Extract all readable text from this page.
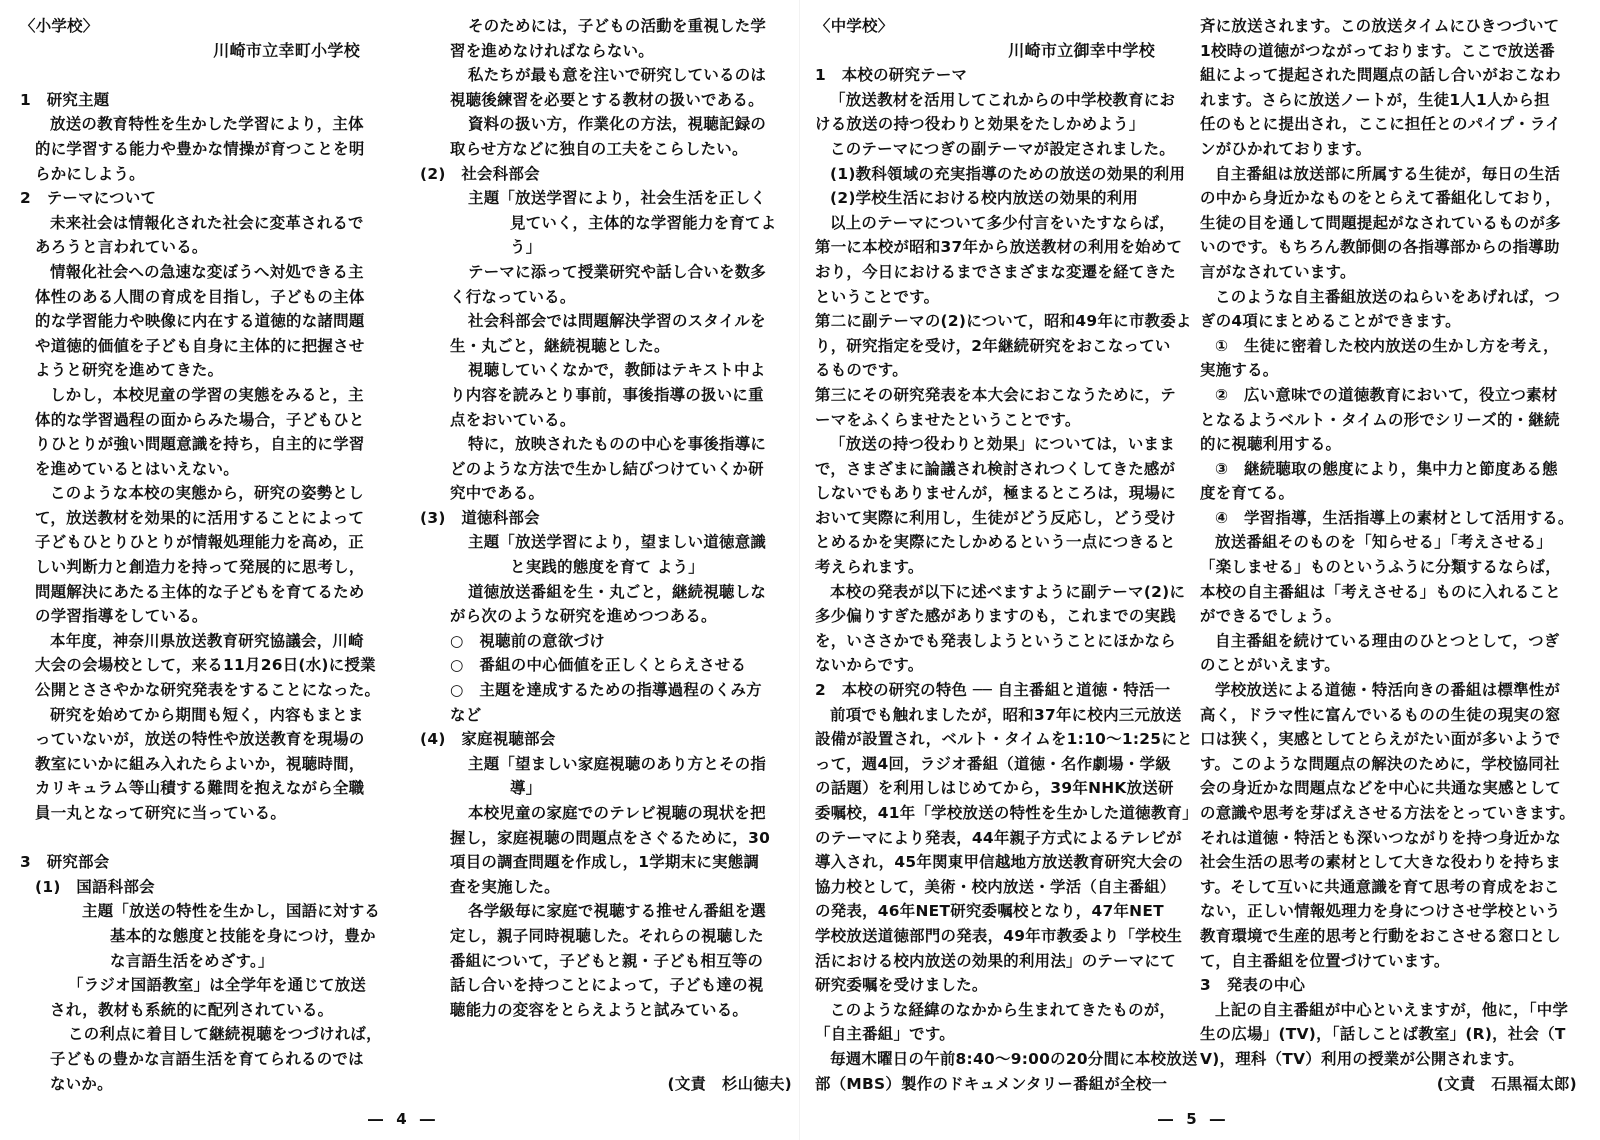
〈小学校〉
川崎市立幸町小学校
1　研究主題
放送の教育特性を生かした学習により，主体
的に学習する能力や豊かな情操が育つことを明
らかにしよう。
2　テーマについて
未来社会は情報化された社会に変革されるで
あろうと言われている。
情報化社会への急速な変ぼうへ対処できる主
体性のある人間の育成を目指し，子どもの主体
的な学習能力や映像に内在する道徳的な諸問題
や道徳的価値を子ども自身に主体的に把握させ
ようと研究を進めてきた。
しかし，本校児童の学習の実態をみると，主
体的な学習過程の面からみた場合，子どもひと
りひとりが強い問題意識を持ち，自主的に学習
を進めているとはいえない。
このような本校の実態から，研究の姿勢とし
て，放送教材を効果的に活用することによって
子どもひとりひとりが情報処理能力を高め，正
しい判断力と創造力を持って発展的に思考し，
問題解決にあたる主体的な子どもを育てるため
の学習指導をしている。
本年度，神奈川県放送教育研究協議会，川崎
大会の会場校として，来る11月26日(水)に授業
公開とささやかな研究発表をすることになった。
研究を始めてから期間も短く，内容もまとま
っていないが，放送の特性や放送教育を現場の
教室にいかに組み入れたらよいか，視聴時間，
カリキュラム等山積する難問を抱えながら全職
員一丸となって研究に当っている。
3　研究部会
(1)　国語科部会
主題「放送の特性を生かし，国語に対する
基本的な態度と技能を身につけ，豊か
な言語生活をめざす。」
「ラジオ国語教室」は全学年を通じて放送
され，教材も系統的に配列されている。
この利点に着目して継続視聴をつづければ，
子どもの豊かな言語生活を育てられるのでは
ないか。
そのためには，子どもの活動を重視した学
習を進めなければならない。
私たちが最も意を注いで研究しているのは
視聴後練習を必要とする教材の扱いである。
資料の扱い方，作業化の方法，視聴記録の
取らせ方などに独自の工夫をこらしたい。
(2)　社会科部会
主題「放送学習により，社会生活を正しく
見ていく，主体的な学習能力を育てよ
う」
テーマに添って授業研究や話し合いを数多
く行なっている。
社会科部会では問題解決学習のスタイルを
生・丸ごと，継続視聴とした。
視聴していくなかで，教師はテキスト中よ
り内容を読みとり事前，事後指導の扱いに重
点をおいている。
特に，放映されたものの中心を事後指導に
どのような方法で生かし結びつけていくか研
究中である。
(3)　道徳科部会
主題「放送学習により，望ましい道徳意識
と実践的態度を育て よう」
道徳放送番組を生・丸ごと，継続視聴しな
がら次のような研究を進めつつある。
○　視聴前の意欲づけ
○　番組の中心価値を正しくとらえさせる
○　主題を達成するための指導過程のくみ方
など
(4)　家庭視聴部会
主題「望ましい家庭視聴のあり方とその指
導」
本校児童の家庭でのテレビ視聴の現状を把
握し，家庭視聴の問題点をさぐるために，30
項目の調査問題を作成し，1学期末に実態調
査を実施した。
各学級毎に家庭で視聴する推せん番組を選
定し，親子同時視聴した。それらの視聴した
番組について，子どもと親・子ども相互等の
話し合いを持つことによって，子ども達の視
聴能力の変容をとらえようと試みている。
(文責　杉山徳夫)
〈中学校〉
川崎市立御幸中学校
1　本校の研究テーマ
「放送教材を活用してこれからの中学校教育にお
ける放送の持つ役わりと効果をたしかめよう」
このテーマにつぎの副テーマが設定されました。
(1)教科領域の充実指導のための放送の効果的利用
(2)学校生活における校内放送の効果的利用
以上のテーマについて多少付言をいたすならば，
第一に本校が昭和37年から放送教材の利用を始めて
おり，今日におけるまでさまざまな変遷を経てきた
ということです。
第二に副テーマの(2)について，昭和49年に市教委よ
り，研究指定を受け，2年継続研究をおこなってい
るものです。
第三にその研究発表を本大会におこなうために，テ
ーマをふくらませたということです。
「放送の持つ役わりと効果」については，いまま
で，さまざまに論議され検討されつくしてきた感が
しないでもありませんが，極まるところは，現場に
おいて実際に利用し，生徒がどう反応し，どう受け
とめるかを実際にたしかめるという一点につきると
考えられます。
本校の発表が以下に述べますように副テーマ(2)に
多少偏りすぎた感がありますのも，これまでの実践
を，いささかでも発表しようということにほかなら
ないからです。
2　本校の研究の特色 ── 自主番組と道徳・特活一
前項でも触れましたが，昭和37年に校内三元放送
設備が設置され，ベルト・タイムを1:10～1:25にと
って，週4回，ラジオ番組（道徳・名作劇場・学級
の話題）を利用しはじめてから，39年NHK放送研
委嘱校，41年「学校放送の特性を生かした道徳教育」
のテーマにより発表，44年親子方式によるテレビが
導入され，45年関東甲信越地方放送教育研究大会の
協力校として，美術・校内放送・学活（自主番組）
の発表，46年NET研究委嘱校となり，47年NET
学校放送道徳部門の発表，49年市教委より「学校生
活における校内放送の効果的利用法」のテーマにて
研究委嘱を受けました。
このような経緯のなかから生まれてきたものが，
「自主番組」です。
毎週木曜日の午前8:40～9:00の20分間に本校放送
部（MBS）製作のドキュメンタリー番組が全校一
斉に放送されます。この放送タイムにひきつづいて
1校時の道徳がつながっております。ここで放送番
組によって提起された問題点の話し合いがおこなわ
れます。さらに放送ノートが，生徒1人1人から担
任のもとに提出され，ここに担任とのパイプ・ライ
ンがひかれております。
自主番組は放送部に所属する生徒が，毎日の生活
の中から身近かなものをとらえて番組化しており，
生徒の目を通して問題提起がなされているものが多
いのです。もちろん教師側の各指導部からの指導助
言がなされています。
このような自主番組放送のねらいをあげれば，つ
ぎの4項にまとめることができます。
①　生徒に密着した校内放送の生かし方を考え，
実施する。
②　広い意味での道徳教育において，役立つ素材
となるようベルト・タイムの形でシリーズ的・継続
的に視聴利用する。
③　継続聴取の態度により，集中力と節度ある態
度を育てる。
④　学習指導，生活指導上の素材として活用する。
放送番組そのものを「知らせる」「考えさせる」
「楽しませる」ものというふうに分類するならば，
本校の自主番組は「考えさせる」ものに入れること
ができるでしょう。
自主番組を続けている理由のひとつとして，つぎ
のことがいえます。
学校放送による道徳・特活向きの番組は標準性が
高く，ドラマ性に富んでいるものの生徒の現実の窓
口は狭く，実感としてとらえがたい面が多いようで
す。このような問題点の解決のために，学校協同社
会の身近かな問題点などを中心に共通な実感として
の意識や思考を芽ばえさせる方法をとっていきます。
それは道徳・特活とも深いつながりを持つ身近かな
社会生活の思考の素材として大きな役わりを持ちま
す。そして互いに共通意識を育て思考の育成をおこ
ない，正しい情報処理力を身につけさせ学校という
教育環境で生産的思考と行動をおこさせる窓口とし
て，自主番組を位置づけています。
3　発表の中心
上記の自主番組が中心といえますが，他に，「中学
生の広場」(TV)，「話しことば教室」(R)，社会（T
V)，理科（TV）利用の授業が公開されます。
(文責　石黒福太郎)
― 4 ―	― 5 ―
